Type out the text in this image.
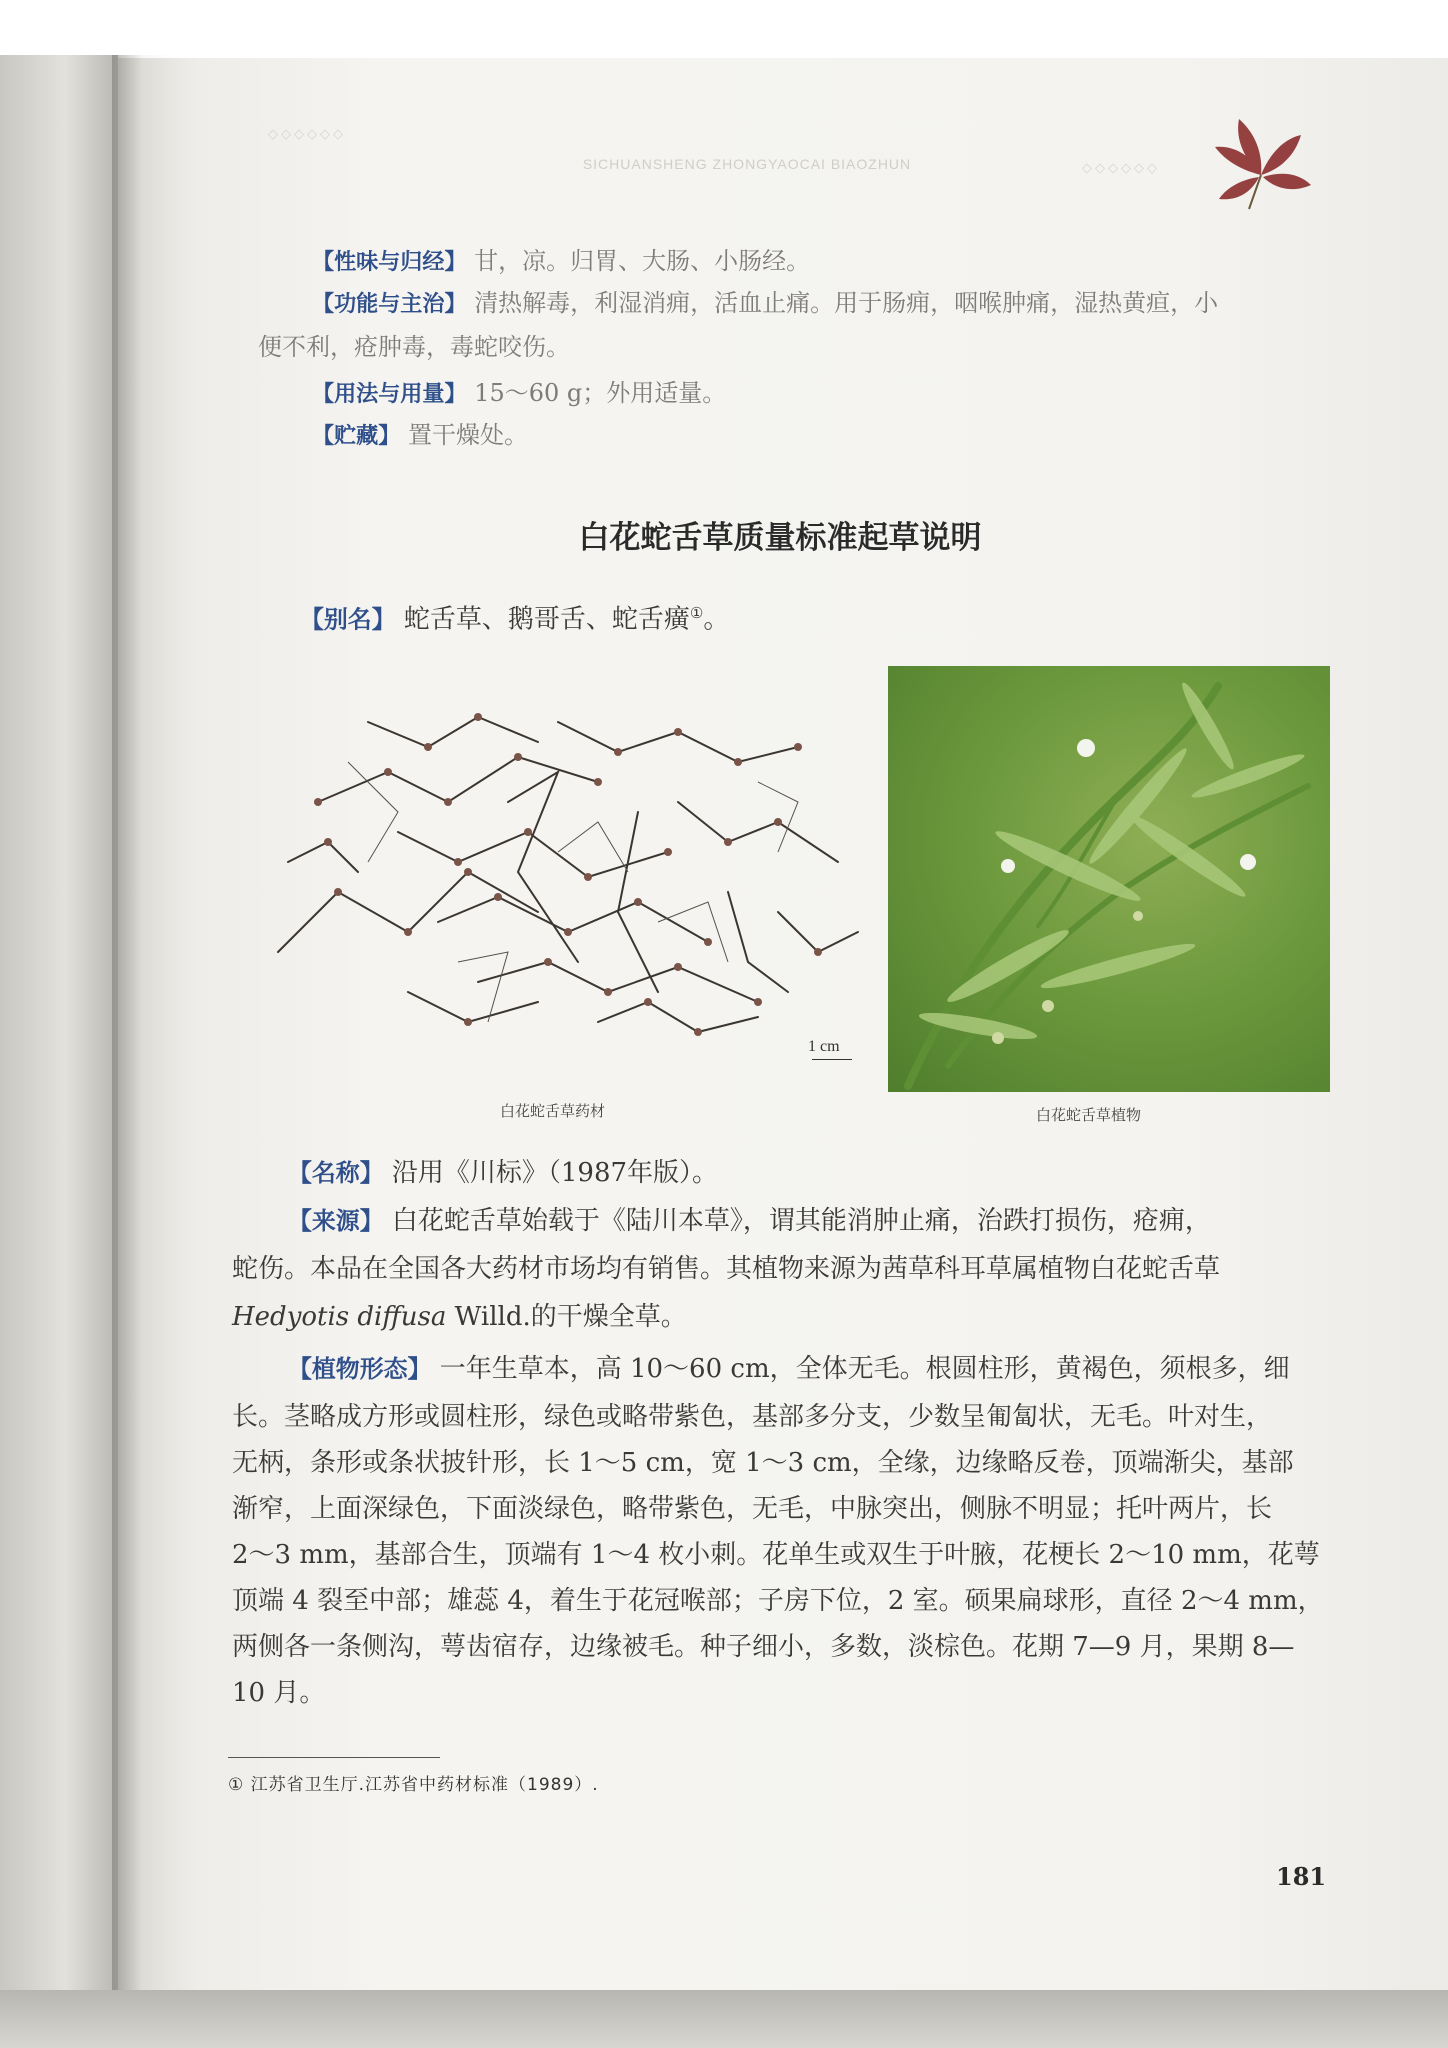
◇◇◇◇◇◇
SICHUANSHENG ZHONGYAOCAI BIAOZHUN	◇◇◇◇◇◇
【性味与归经】 甘，凉。归胃、大肠、小肠经。
【功能与主治】 清热解毒，利湿消痈，活血止痛。用于肠痈，咽喉肿痛，湿热黄疸，小
便不利，疮肿毒，毒蛇咬伤。
【用法与用量】 15～60 g；外用适量。
【贮藏】 置干燥处。
白花蛇舌草质量标准起草说明
【别名】 蛇舌草、鹅哥舌、蛇舌癀①。
1 cm
白花蛇舌草药材	白花蛇舌草植物
【名称】 沿用《川标》（1987年版）。
【来源】 白花蛇舌草始载于《陆川本草》，谓其能消肿止痛，治跌打损伤，疮痈，
蛇伤。本品在全国各大药材市场均有销售。其植物来源为茜草科耳草属植物白花蛇舌草
Hedyotis diffusa Willd.的干燥全草。
【植物形态】 一年生草本，高 10～60 cm，全体无毛。根圆柱形，黄褐色，须根多，细
长。茎略成方形或圆柱形，绿色或略带紫色，基部多分支，少数呈匍匐状，无毛。叶对生，
无柄，条形或条状披针形，长 1～5 cm，宽 1～3 cm，全缘，边缘略反卷，顶端渐尖，基部
渐窄，上面深绿色，下面淡绿色，略带紫色，无毛，中脉突出，侧脉不明显；托叶两片，长
2～3 mm，基部合生，顶端有 1～4 枚小刺。花单生或双生于叶腋，花梗长 2～10 mm，花萼
顶端 4 裂至中部；雄蕊 4，着生于花冠喉部；子房下位，2 室。硕果扁球形，直径 2～4 mm，
两侧各一条侧沟，萼齿宿存，边缘被毛。种子细小，多数，淡棕色。花期 7—9 月，果期 8—
10 月。
① 江苏省卫生厅.江苏省中药材标准（1989）.
181
